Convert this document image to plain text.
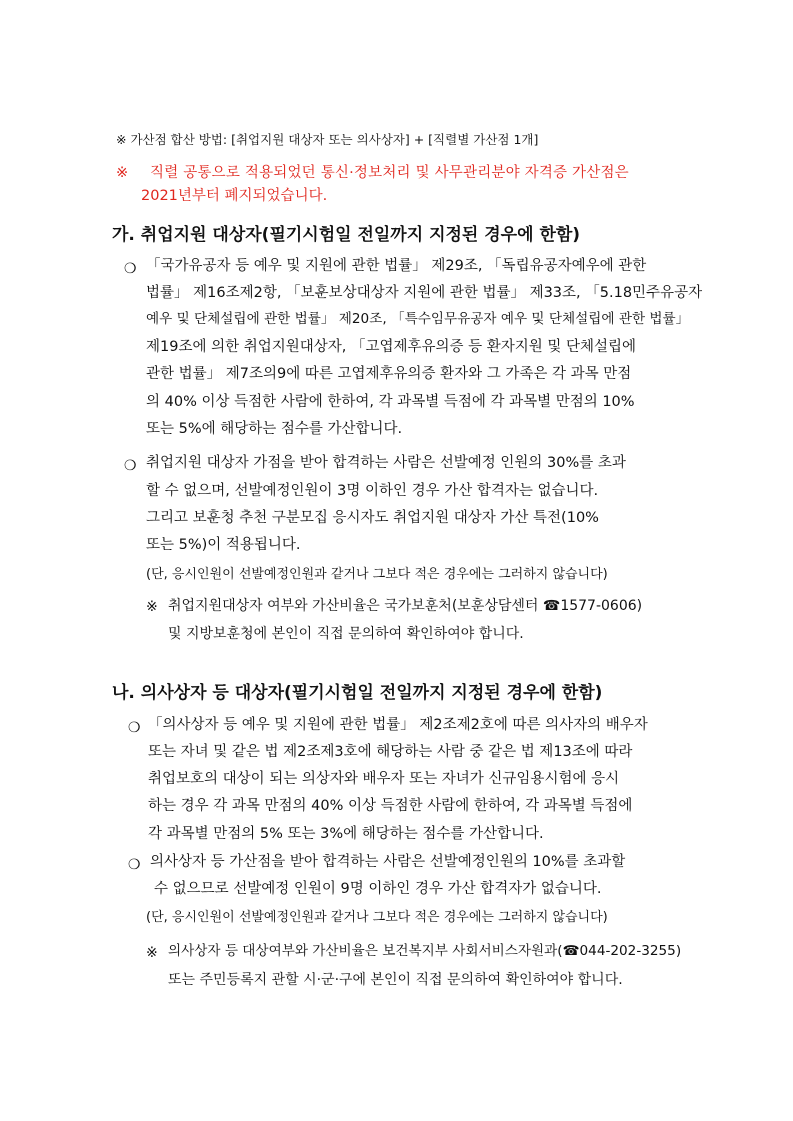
※ 가산점 합산 방법: [취업지원 대상자 또는 의사상자] + [직렬별 가산점 1개]
※ 직렬 공통으로 적용되었던 통신·정보처리 및 사무관리분야 자격증 가산점은
2021년부터 폐지되었습니다.
가. 취업지원 대상자(필기시험일 전일까지 지정된 경우에 한함)
❍ 「국가유공자 등 예우 및 지원에 관한 법률」 제29조, 「독립유공자예우에 관한
법률」 제16조제2항, 「보훈보상대상자 지원에 관한 법률」 제33조, 「5.18민주유공자
예우 및 단체설립에 관한 법률」 제20조, 「특수임무유공자 예우 및 단체설립에 관한 법률」
제19조에 의한 취업지원대상자, 「고엽제후유의증 등 환자지원 및 단체설립에
관한 법률」 제7조의9에 따른 고엽제후유의증 환자와 그 가족은 각 과목 만점
의 40% 이상 득점한 사람에 한하여, 각 과목별 득점에 각 과목별 만점의 10%
또는 5%에 해당하는 점수를 가산합니다.
❍ 취업지원 대상자 가점을 받아 합격하는 사람은 선발예정 인원의 30%를 초과
할 수 없으며, 선발예정인원이 3명 이하인 경우 가산 합격자는 없습니다.
그리고 보훈청 추천 구분모집 응시자도 취업지원 대상자 가산 특전(10%
또는 5%)이 적용됩니다.
(단, 응시인원이 선발예정인원과 같거나 그보다 적은 경우에는 그러하지 않습니다)
※ 취업지원대상자 여부와 가산비율은 국가보훈처(보훈상담센터 ☎1577-0606)
및 지방보훈청에 본인이 직접 문의하여 확인하여야 합니다.
나. 의사상자 등 대상자(필기시험일 전일까지 지정된 경우에 한함)
❍ 「의사상자 등 예우 및 지원에 관한 법률」 제2조제2호에 따른 의사자의 배우자
또는 자녀 및 같은 법 제2조제3호에 해당하는 사람 중 같은 법 제13조에 따라
취업보호의 대상이 되는 의상자와 배우자 또는 자녀가 신규임용시험에 응시
하는 경우 각 과목 만점의 40% 이상 득점한 사람에 한하여, 각 과목별 득점에
각 과목별 만점의 5% 또는 3%에 해당하는 점수를 가산합니다.
❍ 의사상자 등 가산점을 받아 합격하는 사람은 선발예정인원의 10%를 초과할
수 없으므로 선발예정 인원이 9명 이하인 경우 가산 합격자가 없습니다.
(단, 응시인원이 선발예정인원과 같거나 그보다 적은 경우에는 그러하지 않습니다)
※ 의사상자 등 대상여부와 가산비율은 보건복지부 사회서비스자원과(☎044-202-3255)
또는 주민등록지 관할 시·군·구에 본인이 직접 문의하여 확인하여야 합니다.
